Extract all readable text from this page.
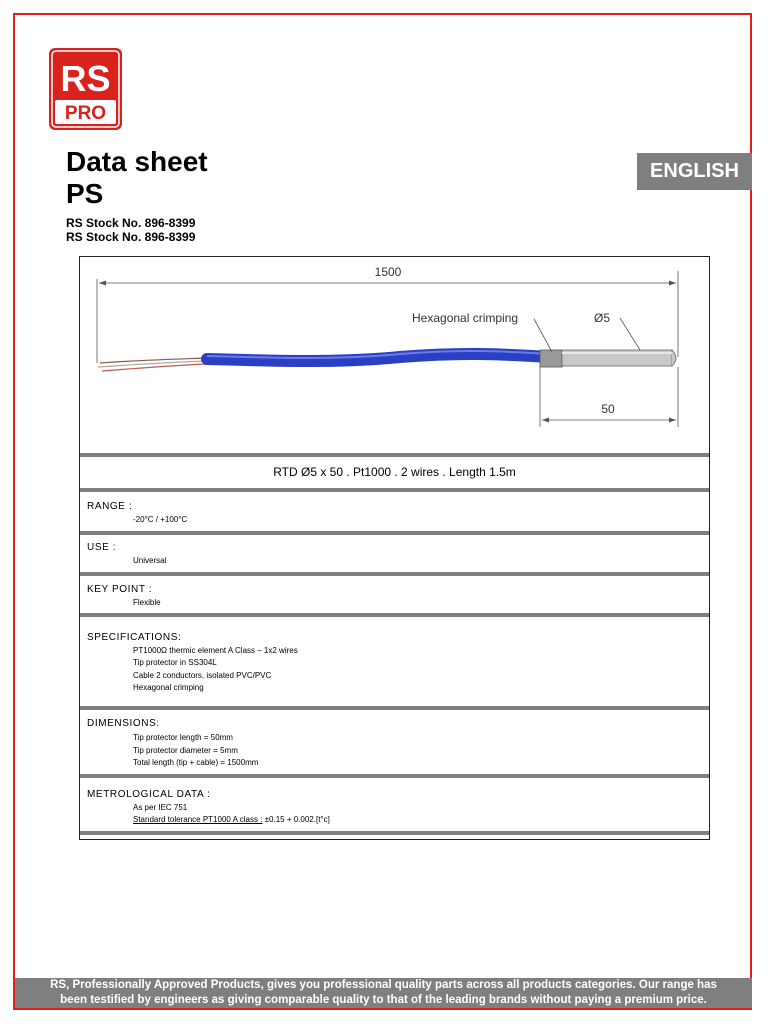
RS
PRO
Data sheet
PS
RS Stock No. 896-8399
RS Stock No. 896-8399
ENGLISH
1500
Hexagonal crimping	Ø5
50
RTD Ø5 x 50 . Pt1000 . 2 wires . Length 1.5m
RANGE :
-20°C / +100°C
USE :
Universal
KEY POINT :
Flexible
SPECIFICATIONS:
PT1000Ω thermic element A Class – 1x2 wires
Tip protector in SS304L
Cable 2 conductors, isolated PVC/PVC
Hexagonal crimping
DIMENSIONS:
Tip protector length = 50mm
Tip protector diameter = 5mm
Total length (tip + cable) = 1500mm
METROLOGICAL DATA :
As per IEC 751
Standard tolerance PT1000 A class : ±0.15 + 0.002.[t°c]
RS, Professionally Approved Products, gives you professional quality parts across all products categories. Our range has
been testified by engineers as giving comparable quality to that of the leading brands without paying a premium price.
